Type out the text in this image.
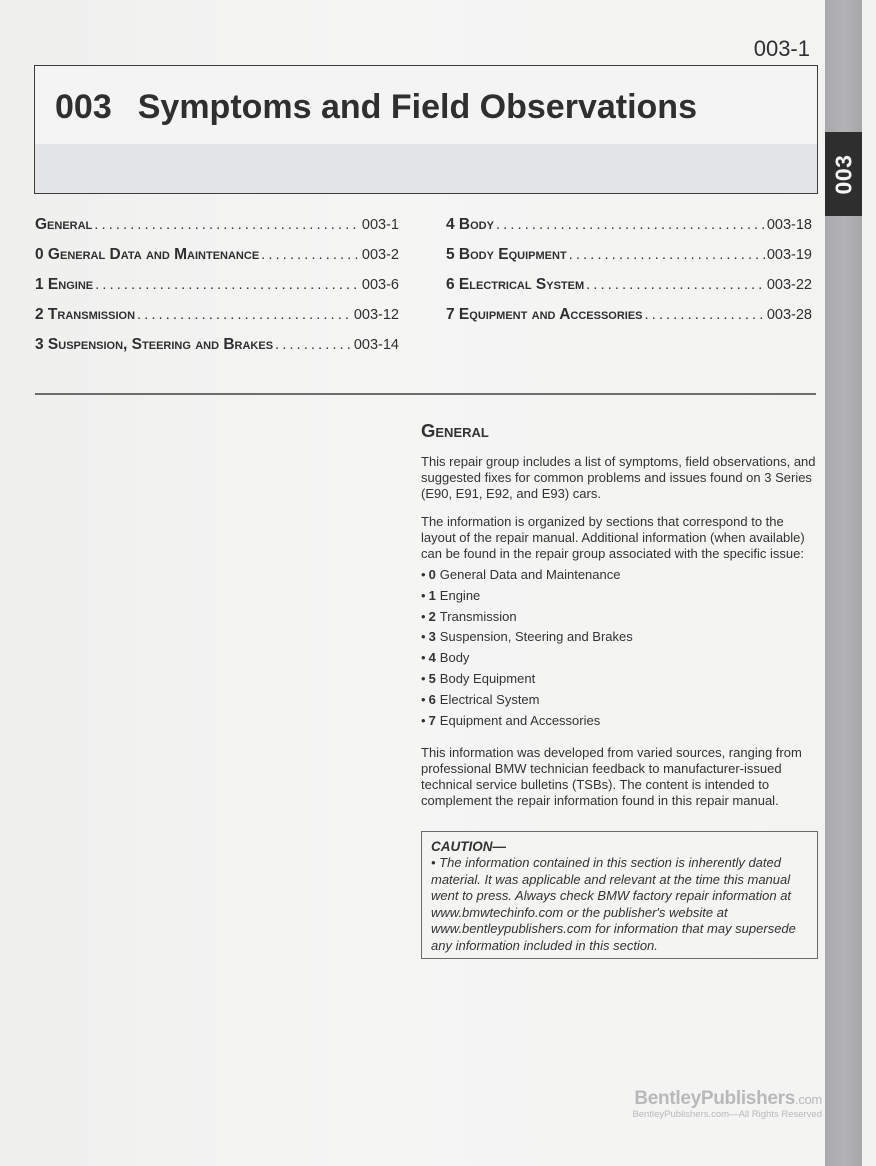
003
003-1
003 Symptoms and Field Observations
General .....	003-1
0 General Data and Maintenance .....	003-2
1 Engine .....	003-6
2 Transmission .....	003-12
3 Suspension, Steering and Brakes .....	003-14
4 Body .....	003-18
5 Body Equipment .....	003-19
6 Electrical System .....	003-22
7 Equipment and Accessories .....	003-28
General

This repair group includes a list of symptoms, field observations, and suggested fixes for common problems and issues found on 3 Series (E90, E91, E92, and E93) cars.

The information is organized by sections that correspond to the layout of the repair manual. Additional information (when available) can be found in the repair group associated with the specific issue:

• 0 General Data and Maintenance
• 1 Engine
• 2 Transmission
• 3 Suspension, Steering and Brakes
• 4 Body
• 5 Body Equipment
• 6 Electrical System
• 7 Equipment and Accessories

This information was developed from varied sources, ranging from professional BMW technician feedback to manufacturer-issued technical service bulletins (TSBs). The content is intended to complement the repair information found in this repair manual.

CAUTION—
• The information contained in this section is inherently dated material. It was applicable and relevant at the time this manual went to press. Always check BMW factory repair information at www.bmwtechinfo.com or the publisher's website at www.bentleypublishers.com for information that may supersede any information included in this section.
BentleyPublishers.com
BentleyPublishers.com—All Rights Reserved
